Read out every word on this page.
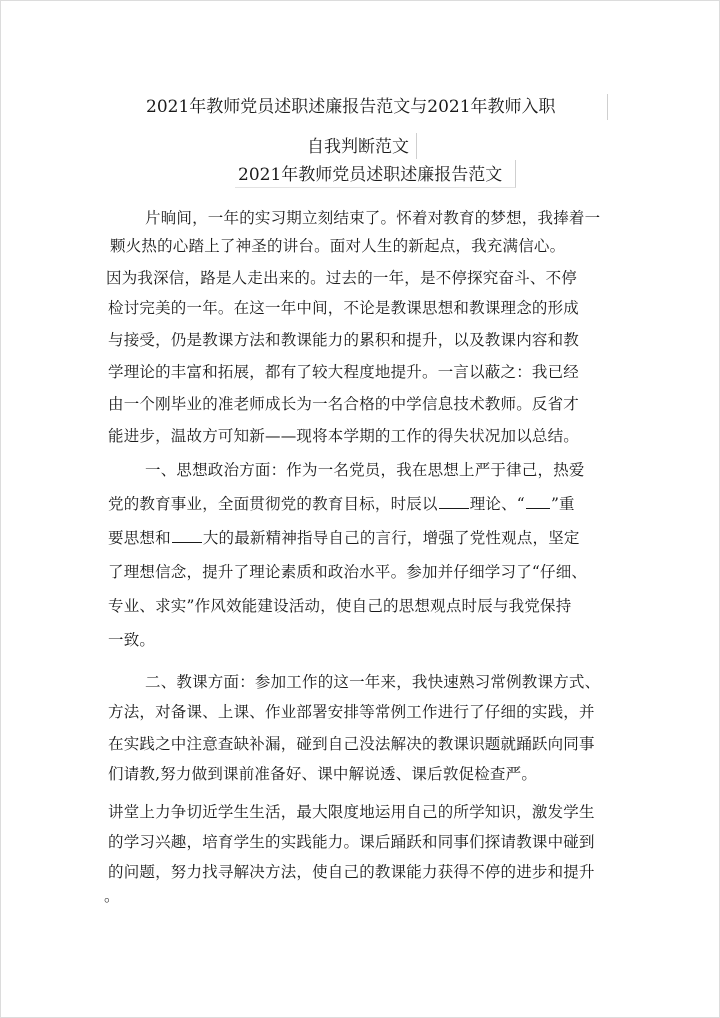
2021年教师党员述职述廉报告范文与2021年教师入职
自我判断范文
2021年教师党员述职述廉报告范文
片晌间，一年的实习期立刻结束了。怀着对教育的梦想，我捧着一
颗火热的心踏上了神圣的讲台。面对人生的新起点，我充满信心。
因为我深信，路是人走出来的。过去的一年，是不停探究奋斗、不停
检讨完美的一年。在这一年中间，不论是教课思想和教课理念的形成
与接受，仍是教课方法和教课能力的累积和提升，以及教课内容和教
学理论的丰富和拓展，都有了较大程度地提升。一言以蔽之：我已经
由一个刚毕业的准老师成长为一名合格的中学信息技术教师。反省才
能进步，温故方可知新——现将本学期的工作的得失状况加以总结。
一、思想政治方面：作为一名党员，我在思想上严于律己，热爱
党的教育事业，全面贯彻党的教育目标，时辰以 理论、“ ”重
要思想和 大的最新精神指导自己的言行，增强了党性观点，坚定
了理想信念，提升了理论素质和政治水平。参加并仔细学习了“仔细、
专业、求实”作风效能建设活动，使自己的思想观点时辰与我党保持
一致。
二、教课方面：参加工作的这一年来，我快速熟习常例教课方式、
方法，对备课、上课、作业部署安排等常例工作进行了仔细的实践，并
在实践之中注意查缺补漏，碰到自己没法解决的教课识题就踊跃向同事
们请教,努力做到课前准备好、课中解说透、课后敦促检查严。
讲堂上力争切近学生生活，最大限度地运用自己的所学知识，激发学生
的学习兴趣，培育学生的实践能力。课后踊跃和同事们探请教课中碰到
的问题，努力找寻解决方法，使自己的教课能力获得不停的进步和提升
。
